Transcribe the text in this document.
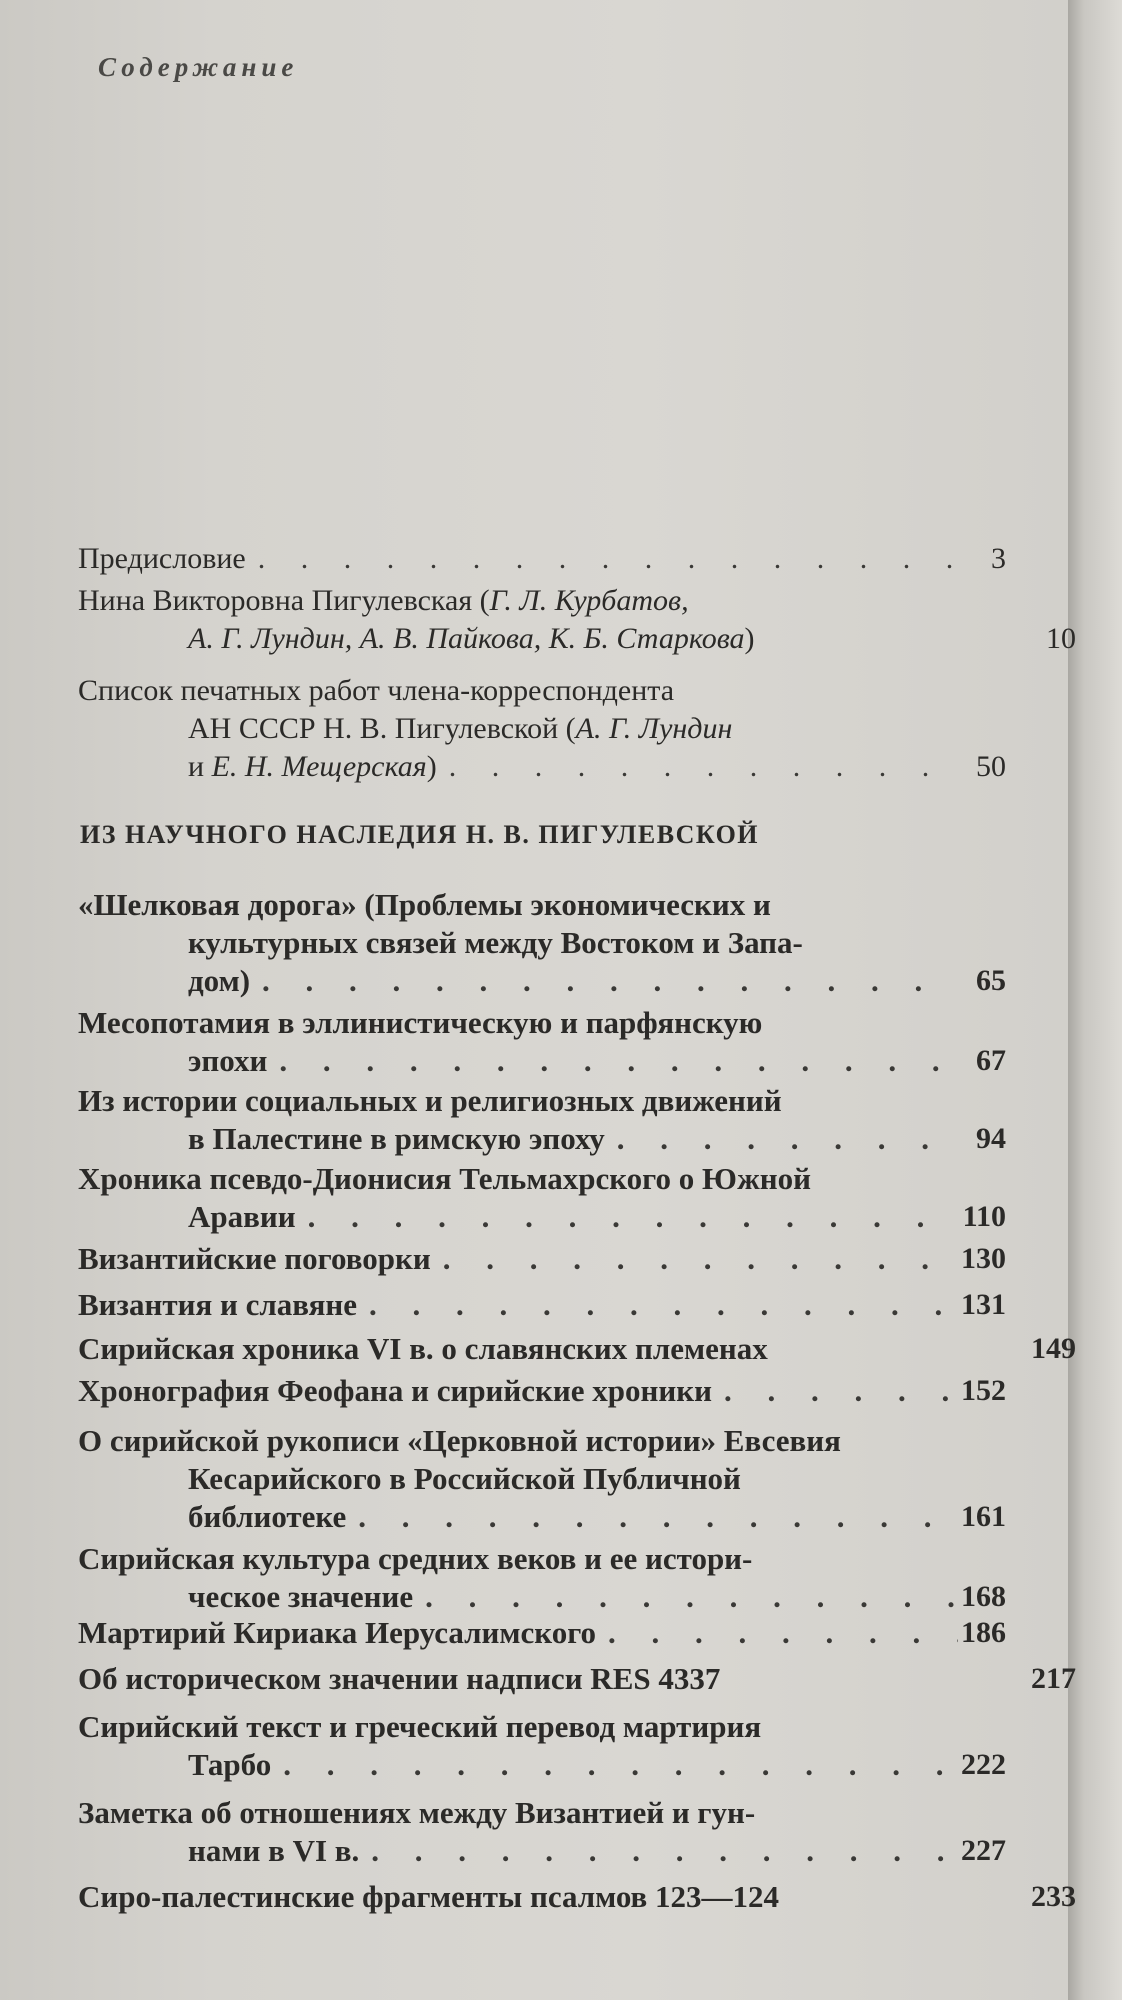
Содержание
Предисловие . . .	3
Нина Викторовна Пигулевская (Г. Л. Курбатов,
А. Г. Лундин, А. В. Пайкова, К. Б. Старкова)	10
Список печатных работ члена-корреспондента
АН СССР Н. В. Пигулевской (А. Г. Лундин
и Е. Н. Мещерская) . . .	50
ИЗ НАУЧНОГО НАСЛЕДИЯ Н. В. ПИГУЛЕВСКОЙ
«Шелковая дорога» (Проблемы экономических и
культурных связей между Востоком и Запа-
дом) . . .	65
Месопотамия в эллинистическую и парфянскую
эпохи . . .	67
Из истории социальных и религиозных движений
в Палестине в римскую эпоху . . .	94
Хроника псевдо-Дионисия Тельмахрского о Южной
Аравии . . .	110
Византийские поговорки . . .	130
Византия и славяне . . .	131
Сирийская хроника VI в. о славянских племенах	149
Хронография Феофана и сирийские хроники . . .	152
О сирийской рукописи «Церковной истории» Евсевия
Кесарийского в Российской Публичной
библиотеке . . .	161
Сирийская культура средних веков и ее истори-
ческое значение . . .	168
Мартирий Кириака Иерусалимского . . .	186
Об историческом значении надписи RES 4337	217
Сирийский текст и греческий перевод мартирия
Тарбо . . .	222
Заметка об отношениях между Византией и гун-
нами в VI в. . . .	227
Сиро-палестинские фрагменты псалмов 123—124	233
